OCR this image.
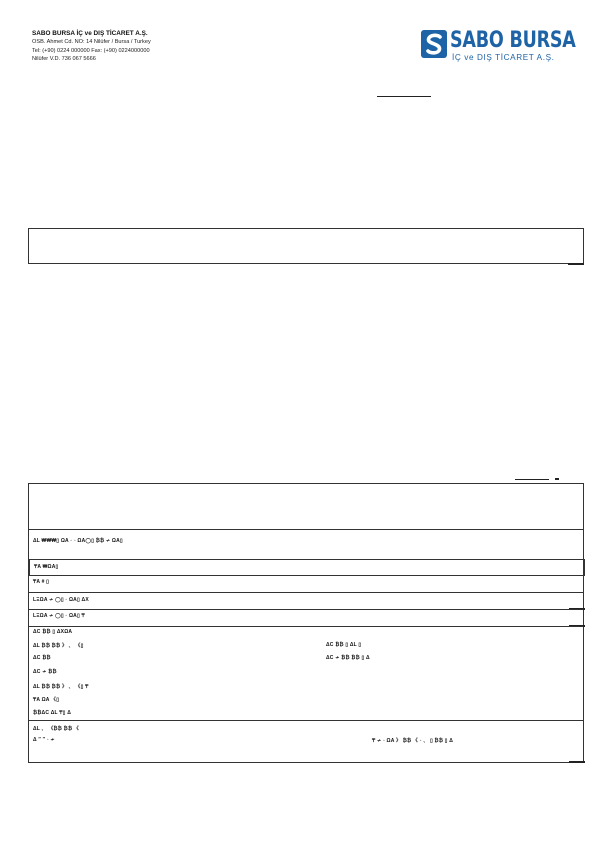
SABO BURSA İÇ ve DIŞ TİCARET A.Ş.
OSB. Ahmet Cd. NO: 14 Nilüfer / Bursa / Turkey
Tel: (+90) 0224 000000 Fax: (+90) 0224000000
Nilüfer V.D. 736 067 5666
SABO BURSA
İÇ ve DIŞ TİCARET A.Ş.
ΔL ₩₩₩▯ ΩA ◦ ◦ ΩA◯▯ ₿₿ ≁ ΩA▯
₸A ₩ΩA▯
₸A # ▯
LΞΩA ≁ ◯▯ ◦ ΩA▯ ΔX
LΞΩA ≁ ◯▯ ◦ ΩA▯ ₸
ΔC ₿₿ ▯ ΔXΩA
ΔL ₿₿ ₿₿ 》 、 《▯
ΔC ₿₿
ΔC ≁ ₿₿
ΔL ₿₿ ₿₿ 》 、 《▯ ₸
₸A ΩA 《▯
₿₿ΔC ΔL ₸▯ Δ
ΔC ₿₿ ▯ ΔL ▯
ΔC ≁ ₿₿ ₿₿ ▯ Δ
ΔL 、 《₿₿ ₿₿ 《
Δ ″ ″ ◦ ≁	₸ ≁ ◦ ΩA 》 ₿₿ 《 ◦ 、 ▯ ₿₿ ▯ Δ
